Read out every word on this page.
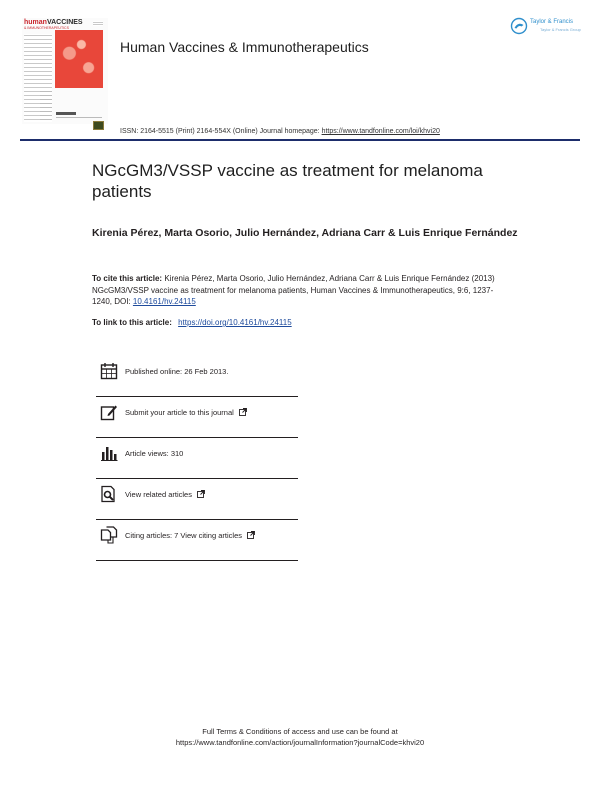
humanVACCINES
& IMMUNOTHERAPEUTICS
Human Vaccines & Immunotherapeutics
Taylor & Francis
Taylor & Francis Group
ISSN: 2164-5515 (Print) 2164-554X (Online) Journal homepage: https://www.tandfonline.com/loi/khvi20
NGcGM3/VSSP vaccine as treatment for melanoma patients
Kirenia Pérez, Marta Osorio, Julio Hernández, Adriana Carr & Luis Enrique Fernández
To cite this article: Kirenia Pérez, Marta Osorio, Julio Hernández, Adriana Carr & Luis Enrique Fernández (2013) NGcGM3/VSSP vaccine as treatment for melanoma patients, Human Vaccines & Immunotherapeutics, 9:6, 1237-1240, DOI: 10.4161/hv.24115
To link to this article: https://doi.org/10.4161/hv.24115
Published online: 26 Feb 2013.
Submit your article to this journal
Article views: 310
View related articles
Citing articles: 7 View citing articles
Full Terms & Conditions of access and use can be found at
https://www.tandfonline.com/action/journalInformation?journalCode=khvi20
